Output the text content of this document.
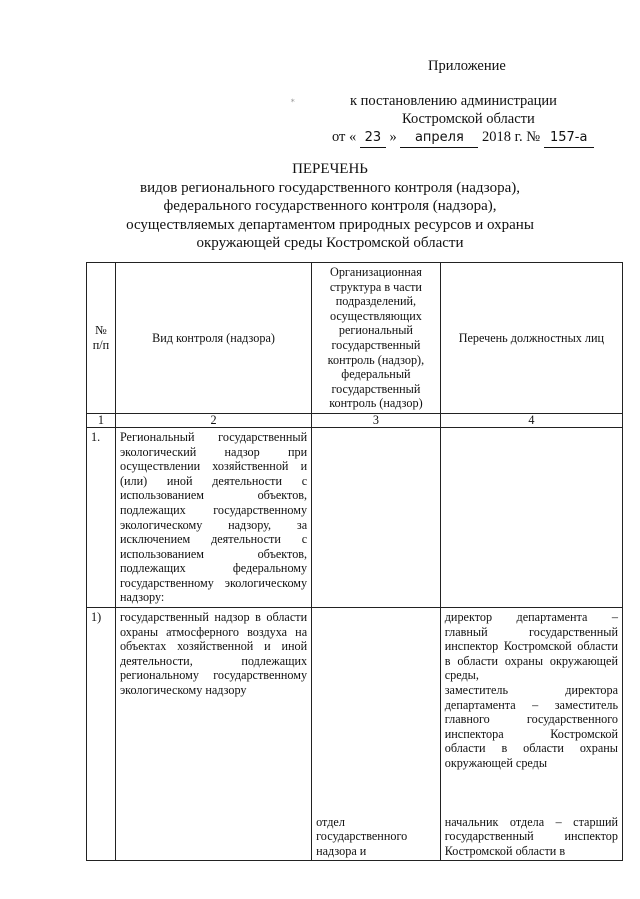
Приложение
к постановлению администрации
Костромской области
от « 23 » апреля 2018 г. № 157-а
ПЕРЕЧЕНЬ
видов регионального государственного контроля (надзора),
федерального государственного контроля (надзора),
осуществляемых департаментом природных ресурсов и охраны
окружающей среды Костромской области
∗
№ п/п	Вид контроля (надзора)	Организационная структура в части подразделений, осуществляющих региональный государственный контроль (надзор), федеральный государственный контроль (надзор)	Перечень должностных лиц
1	2	3	4
1.	Региональный государственный экологический надзор при осуществлении хозяйственной и (или) иной деятельности с использованием объектов, подлежащих государственному экологическому надзору, за исключением деятельности с использованием объектов, подлежащих федеральному государственному экологическому надзору:		
1)	государственный надзор в области охраны атмосферного воздуха на объектах хозяйственной и иной деятельности, подлежащих региональному государственному экологическому надзору	отдел государственного надзора и	директор департамента – главный государственный инспектор Костромской области в области охраны окружающей среды,
заместитель директора департамента – заместитель главного государственного инспектора Костромской области в области охраны окружающей среды
начальник отдела – старший государственный инспектор Костромской области в
